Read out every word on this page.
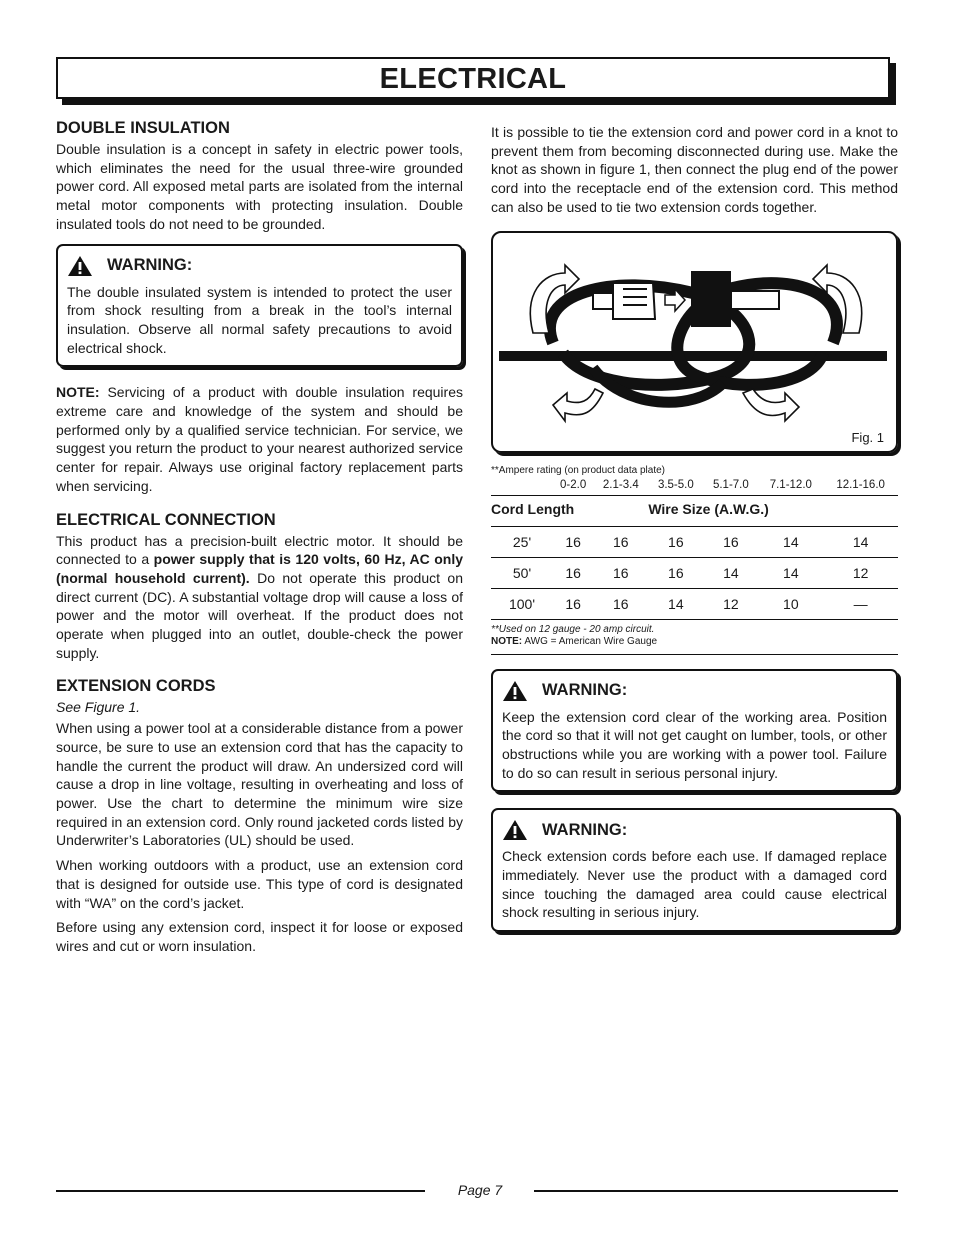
ELECTRICAL
DOUBLE INSULATION

Double insulation is a concept in safety in electric power tools, which eliminates the need for the usual three-wire grounded power cord. All exposed metal parts are isolated from the internal metal motor components with protecting insulation. Double insulated tools do not need to be grounded.

WARNING:

The double insulated system is intended to protect the user from shock resulting from a break in the tool’s internal insulation. Observe all normal safety precautions to avoid electrical shock.

NOTE: Servicing of a product with double insulation requires extreme care and knowledge of the system and should be performed only by a qualified service technician. For service, we suggest you return the product to your nearest authorized service center for repair. Always use original factory replacement parts when servicing.

ELECTRICAL CONNECTION

This product has a precision-built electric motor. It should be connected to a power supply that is 120 volts, 60 Hz, AC only (normal household current). Do not operate this product on direct current (DC). A substantial voltage drop will cause a loss of power and the motor will overheat. If the product does not operate when plugged into an outlet, double-check the power supply.

EXTENSION CORDS

See Figure 1.

When using a power tool at a considerable distance from a power source, be sure to use an extension cord that has the capacity to handle the current the product will draw. An undersized cord will cause a drop in line voltage, resulting in overheating and loss of power. Use the chart to determine the minimum wire size required in an extension cord. Only round jacketed cords listed by Underwriter’s Laboratories (UL) should be used.

When working outdoors with a product, use an extension cord that is designed for outside use. This type of cord is designated with “WA” on the cord’s jacket.

Before using any extension cord, inspect it for loose or exposed wires and cut or worn insulation.

It is possible to tie the extension cord and power cord in a knot to prevent them from becoming disconnected during use. Make the knot as shown in figure 1, then connect the plug end of the power cord into the receptacle end of the extension cord. This method can also be used to tie two extension cords together.

Fig. 1

**Ampere rating (on product data plate)

	0-2.0	2.1-3.4	3.5-5.0	5.1-7.0	7.1-12.0	12.1-16.0
Cord Length			Wire Size (A.W.G.)			
25'	16	16	16	16	14	14
50'	16	16	16	14	14	12
100'	16	16	14	12	10	—

**Used on 12 gauge - 20 amp circuit.

NOTE: AWG = American Wire Gauge

WARNING:

Keep the extension cord clear of the working area. Position the cord so that it will not get caught on lumber, tools, or other obstructions while you are working with a power tool. Failure to do so can result in serious personal injury.

WARNING:

Check extension cords before each use. If damaged replace immediately. Never use the product with a damaged cord since touching the damaged area could cause electrical shock resulting in serious injury.

Page 7
